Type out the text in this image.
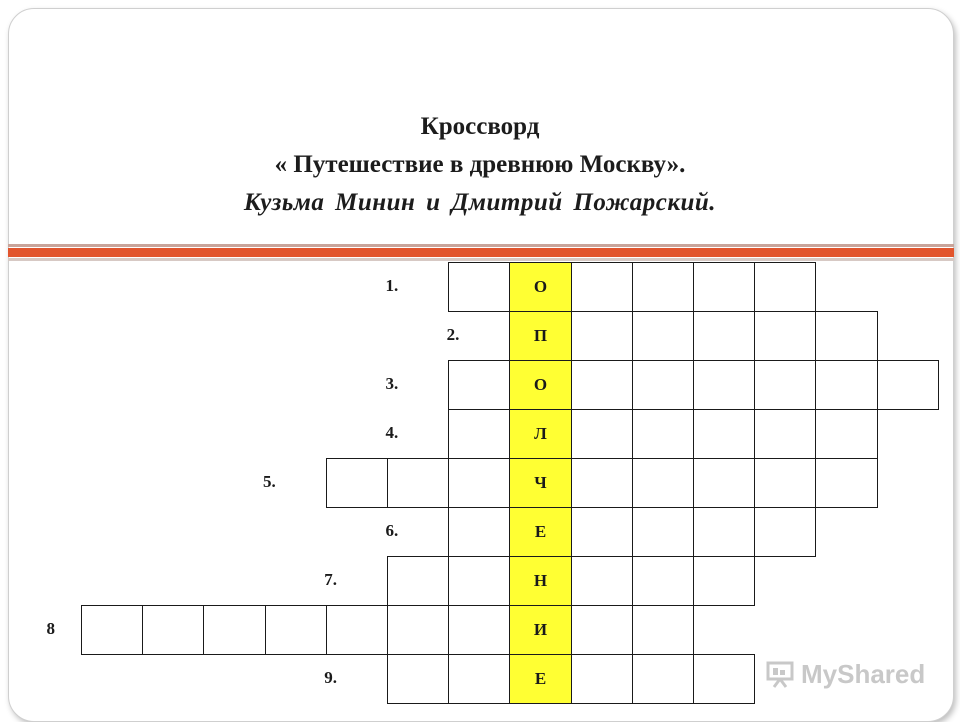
Кроссворд
« Путешествие в древнюю Москву».
Кузьма Минин и Дмитрий Пожарский.
О
1.
П
2.
О
3.
Л
4.
Ч
5.
Е
6.
Н
7.
И
8
Е
9.	MyShared
